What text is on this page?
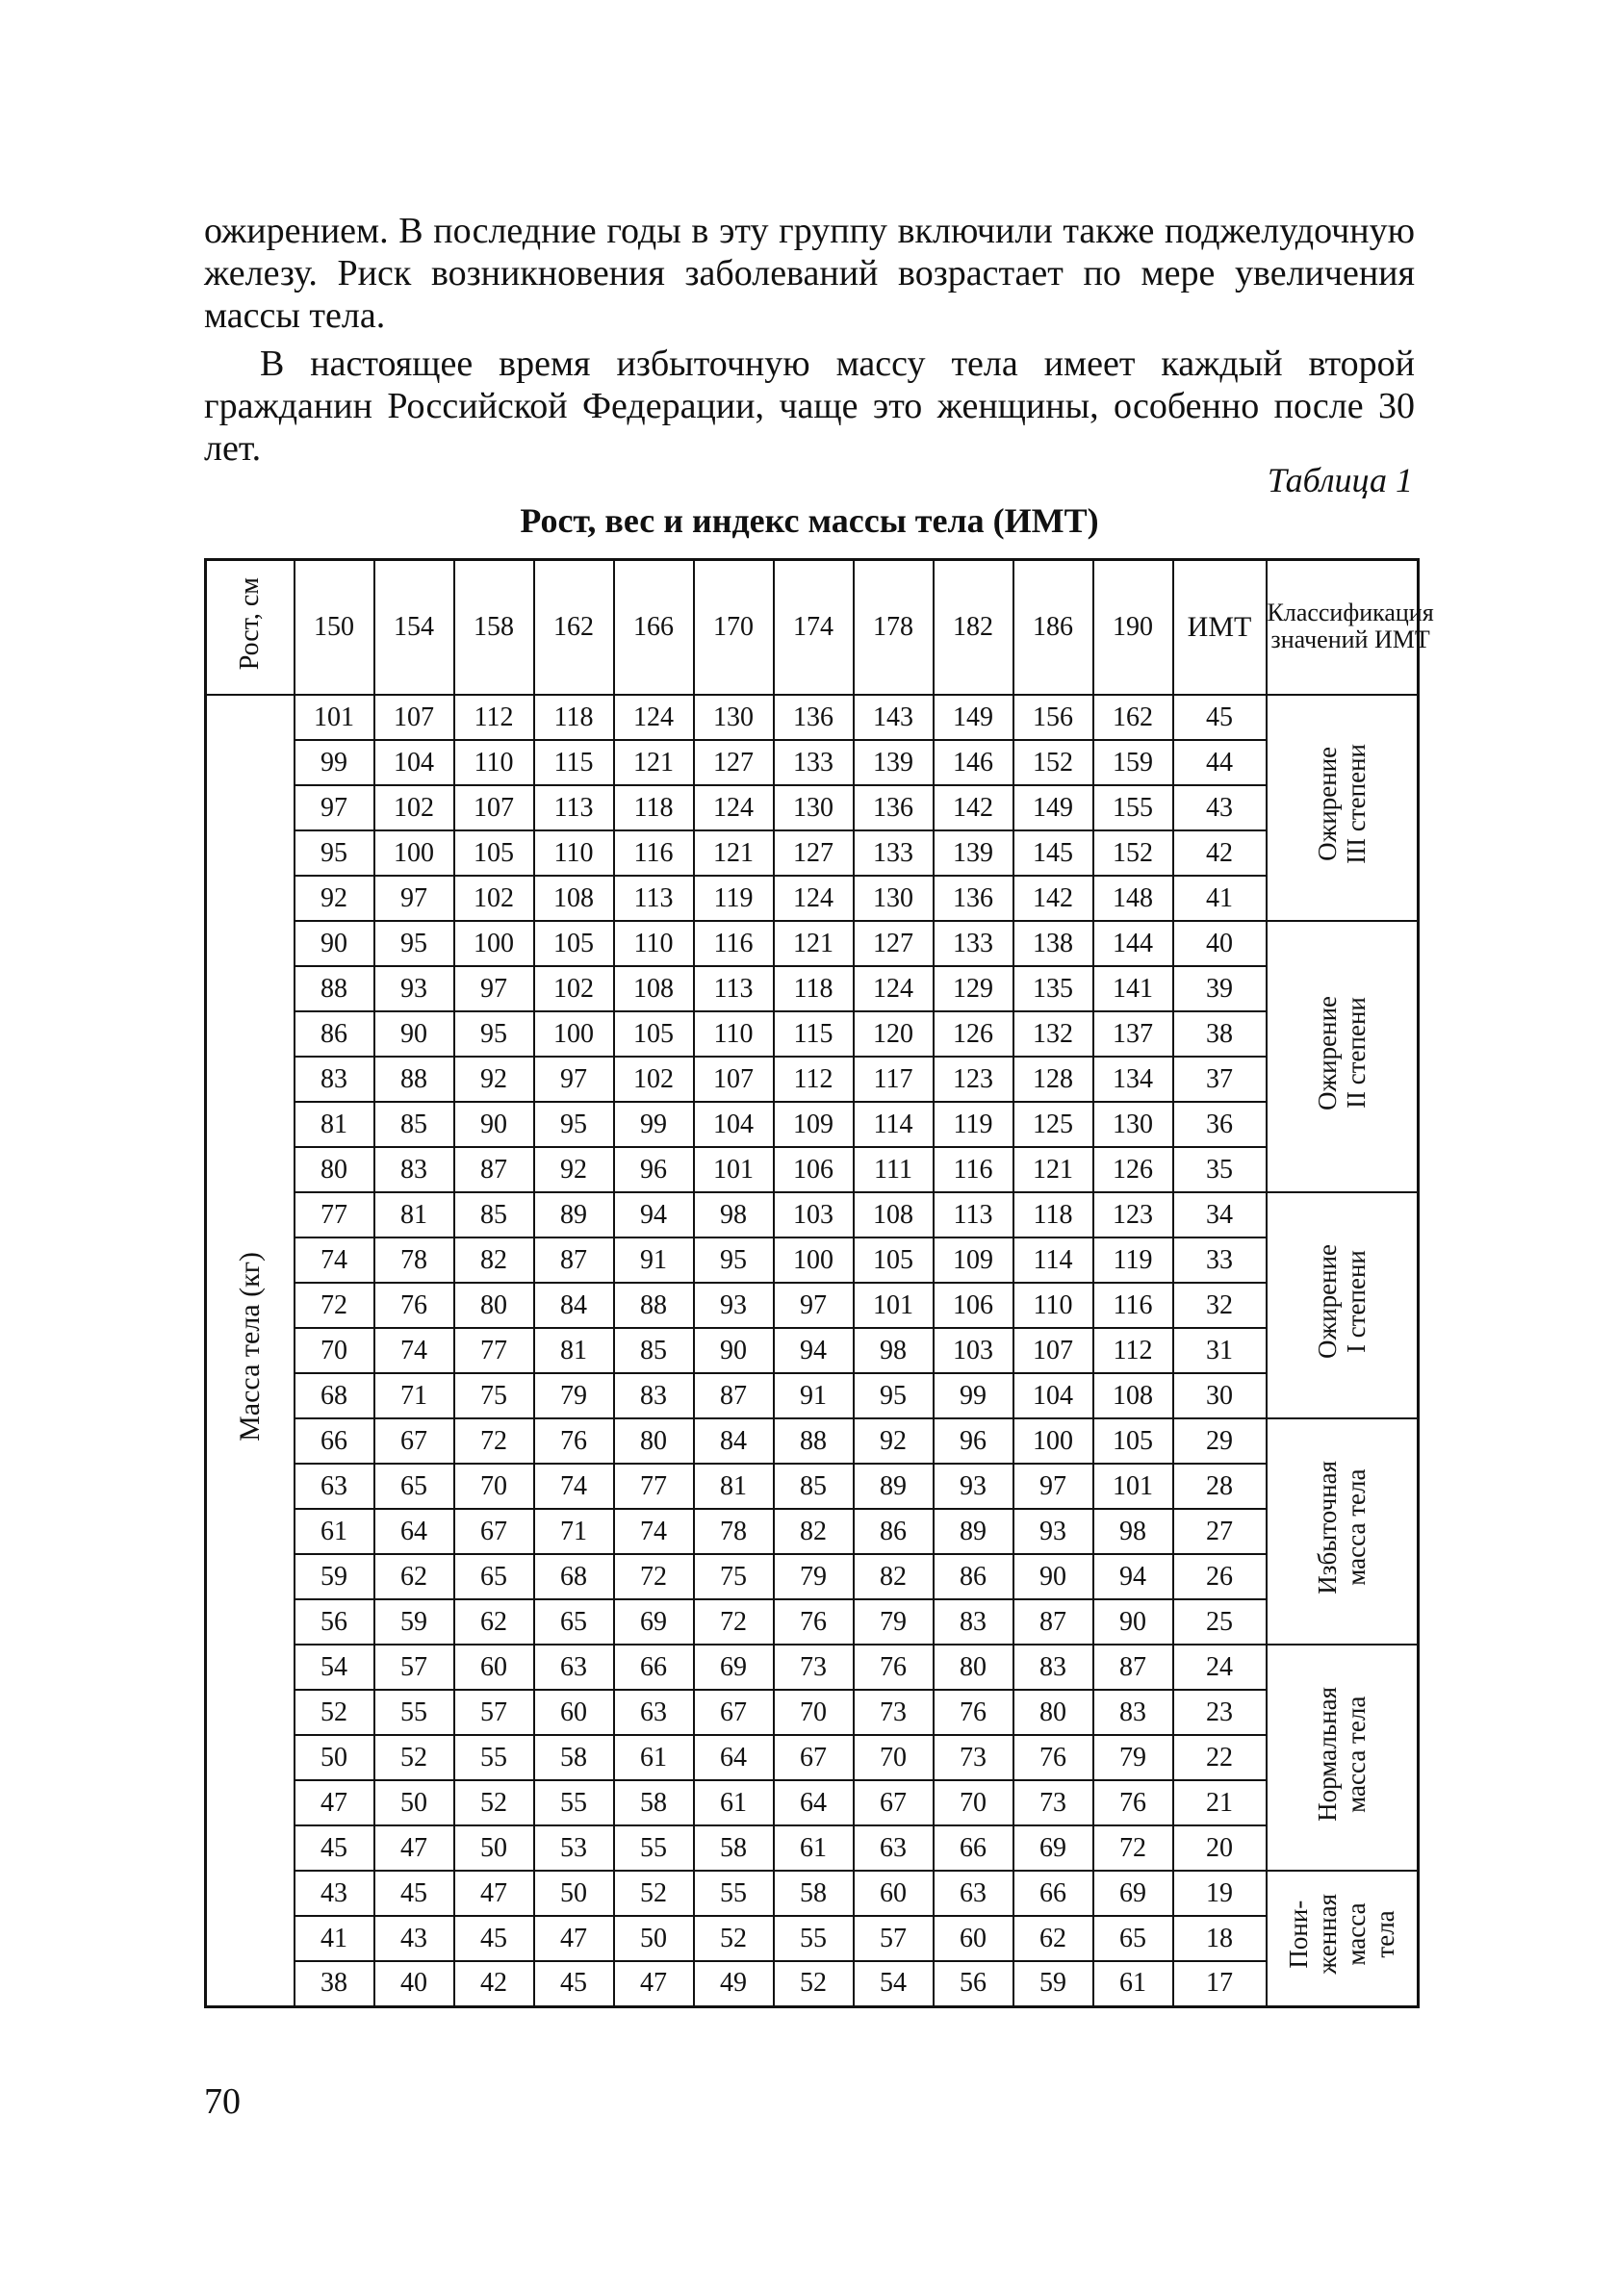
ожирением. В последние годы в эту группу включили также поджелудочную железу. Риск возникновения заболеваний возрастает по мере увеличения массы тела.

В настоящее время избыточную массу тела имеет каждый второй гражданин Российской Федерации, чаще это женщины, особенно после 30 лет.

Таблица 1
Рост, вес и индекс массы тела (ИМТ)
Рост, см	150	154	158	162	166	170	174	178	182	186	190	ИМТ	Классификация значений ИМТ
Масса тела (кг)	101	107	112	118	124	130	136	143	149	156	162	45	Ожирение III степени

	99	104	110	115	121	127	133	139	146	152	159	44	
	97	102	107	113	118	124	130	136	142	149	155	43	
	95	100	105	110	116	121	127	133	139	145	152	42	
	92	97	102	108	113	119	124	130	136	142	148	41	
	90	95	100	105	110	116	121	127	133	138	144	40	Ожирение II степени

	88	93	97	102	108	113	118	124	129	135	141	39	
	86	90	95	100	105	110	115	120	126	132	137	38	
	83	88	92	97	102	107	112	117	123	128	134	37	
	81	85	90	95	99	104	109	114	119	125	130	36	
	80	83	87	92	96	101	106	111	116	121	126	35	
	77	81	85	89	94	98	103	108	113	118	123	34	Ожирение I степени

	74	78	82	87	91	95	100	105	109	114	119	33	
	72	76	80	84	88	93	97	101	106	110	116	32	
	70	74	77	81	85	90	94	98	103	107	112	31	
	68	71	75	79	83	87	91	95	99	104	108	30	
	66	67	72	76	80	84	88	92	96	100	105	29	Избыточная масса тела

	63	65	70	74	77	81	85	89	93	97	101	28	
	61	64	67	71	74	78	82	86	89	93	98	27	
	59	62	65	68	72	75	79	82	86	90	94	26	
	56	59	62	65	69	72	76	79	83	87	90	25	
	54	57	60	63	66	69	73	76	80	83	87	24	Нормальная масса тела

	52	55	57	60	63	67	70	73	76	80	83	23	
	50	52	55	58	61	64	67	70	73	76	79	22	
	47	50	52	55	58	61	64	67	70	73	76	21	
	45	47	50	53	55	58	61	63	66	69	72	20	
	43	45	47	50	52	55	58	60	63	66	69	19	Пони- женная масса тела

	41	43	45	47	50	52	55	57	60	62	65	18	
	38	40	42	45	47	49	52	54	56	59	61	17	
70
